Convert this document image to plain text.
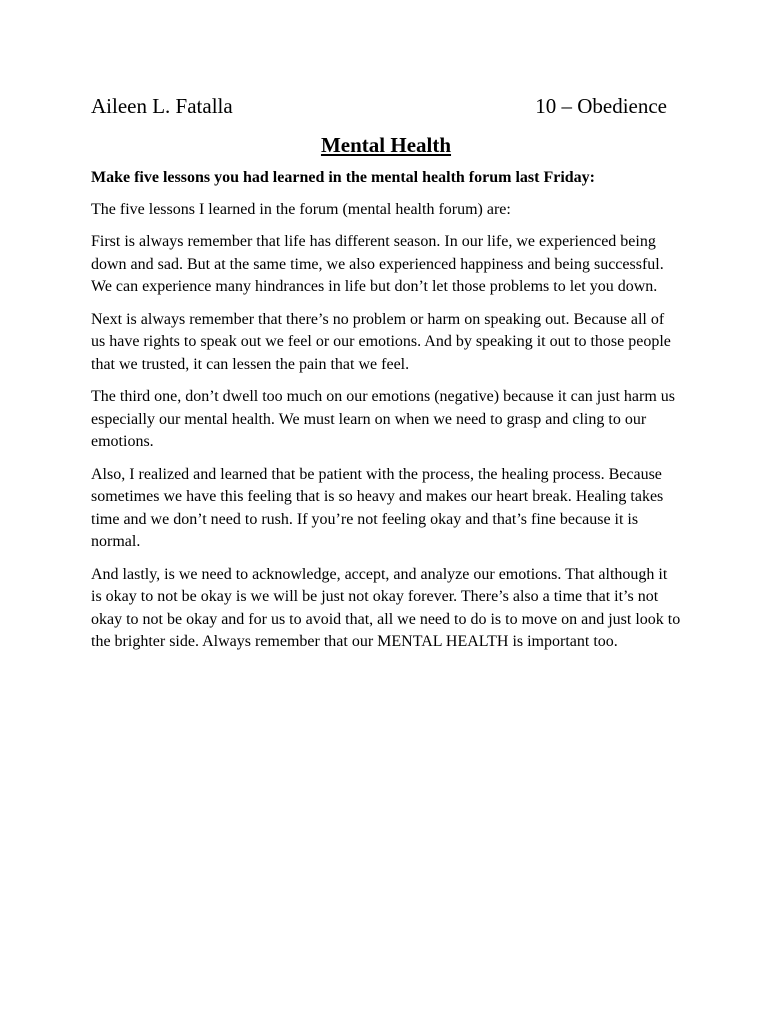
Aileen L. Fatalla	10 – Obedience
Mental Health
Make five lessons you had learned in the mental health forum last Friday:
The five lessons I learned in the forum (mental health forum) are:
First is always remember that life has different season. In our life, we experienced being down and sad. But at the same time, we also experienced happiness and being successful. We can experience many hindrances in life but don’t let those problems to let you down.
Next is always remember that there’s no problem or harm on speaking out. Because all of us have rights to speak out we feel or our emotions. And by speaking it out to those people that we trusted, it can lessen the pain that we feel.
The third one, don’t dwell too much on our emotions (negative) because it can just harm us especially our mental health. We must learn on when we need to grasp and cling to our emotions.
Also, I realized and learned that be patient with the process, the healing process. Because sometimes we have this feeling that is so heavy and makes our heart break. Healing takes time and we don’t need to rush. If you’re not feeling okay and that’s fine because it is normal.
And lastly, is we need to acknowledge, accept, and analyze our emotions. That although it is okay to not be okay is we will be just not okay forever. There’s also a time that it’s not okay to not be okay and for us to avoid that, all we need to do is to move on and just look to the brighter side. Always remember that our MENTAL HEALTH is important too.
